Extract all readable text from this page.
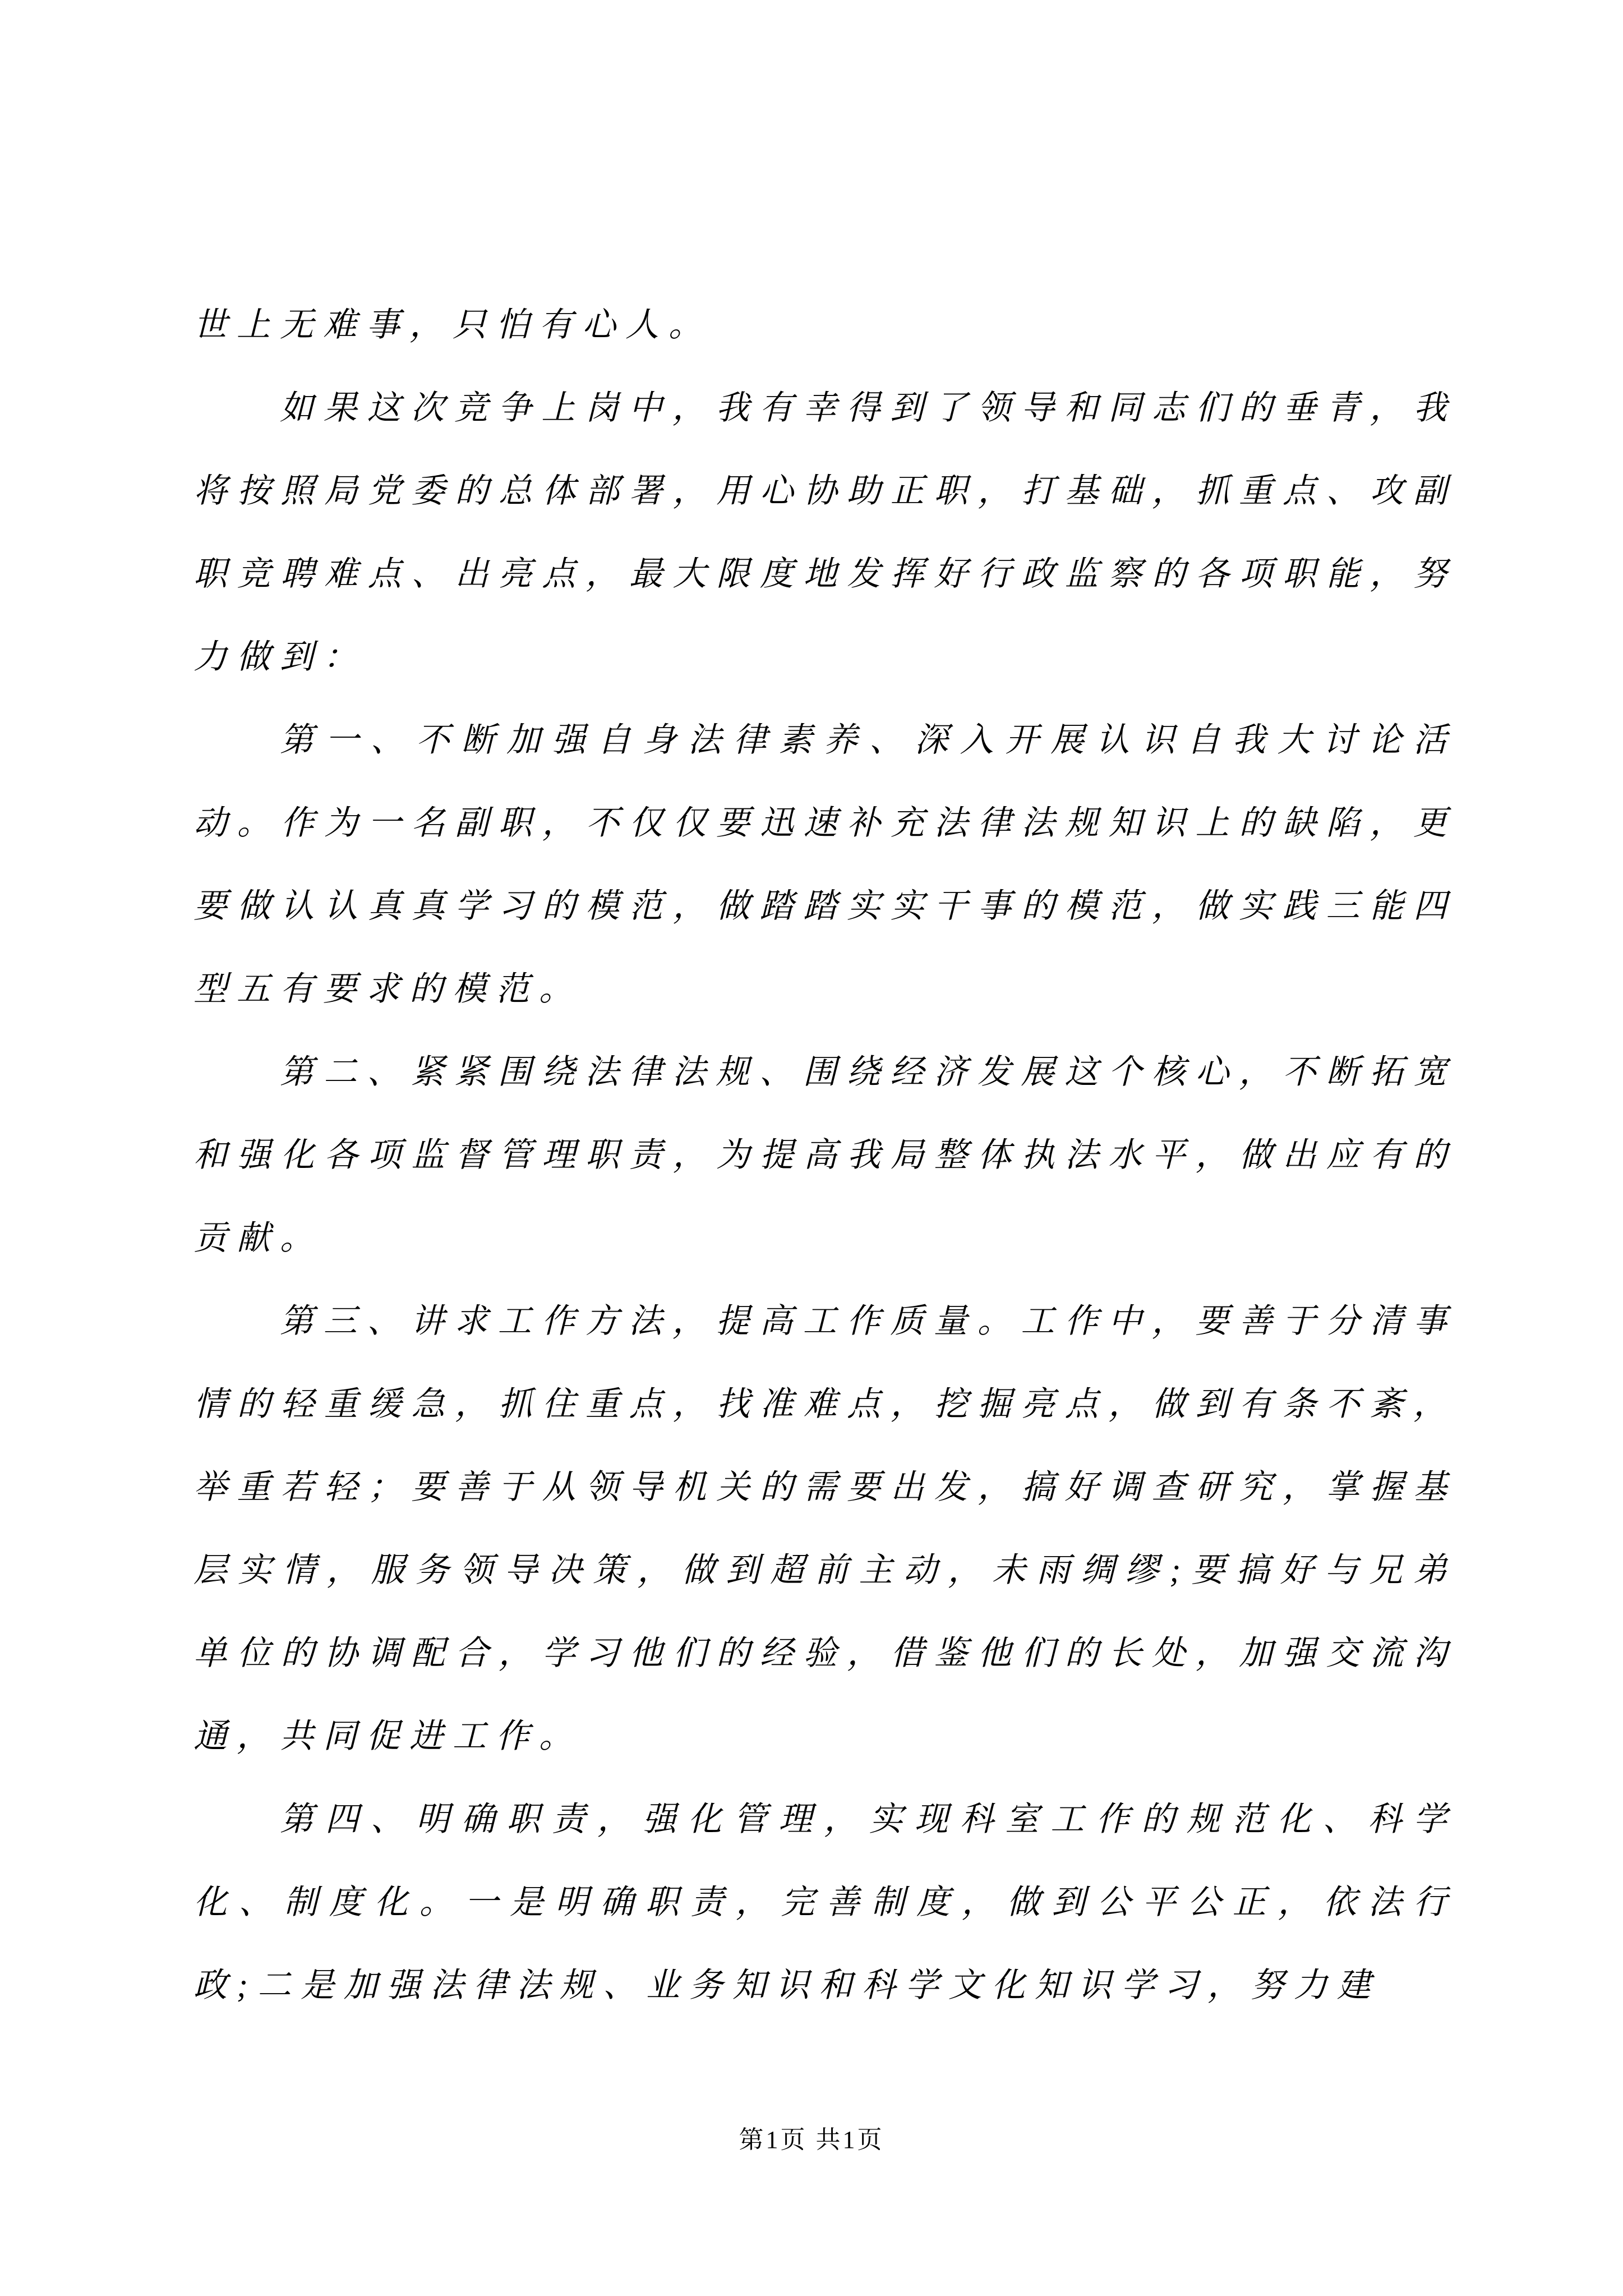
世上无难事，只怕有心人。

如果这次竞争上岗中，我有幸得到了领导和同志们的垂青，我将按照局党委的总体部署，用心协助正职，打基础，抓重点、攻副职竞聘难点、出亮点，最大限度地发挥好行政监察的各项职能，努力做到：

第一、不断加强自身法律素养、深入开展认识自我大讨论活动。作为一名副职，不仅仅要迅速补充法律法规知识上的缺陷，更要做认认真真学习的模范，做踏踏实实干事的模范，做实践三能四型五有要求的模范。

第二、紧紧围绕法律法规、围绕经济发展这个核心，不断拓宽和强化各项监督管理职责，为提高我局整体执法水平，做出应有的贡献。

第三、讲求工作方法，提高工作质量。工作中，要善于分清事情的轻重缓急，抓住重点，找准难点，挖掘亮点，做到有条不紊，举重若轻；要善于从领导机关的需要出发，搞好调查研究，掌握基层实情，服务领导决策，做到超前主动，未雨绸缪;要搞好与兄弟单位的协调配合，学习他们的经验，借鉴他们的长处，加强交流沟通，共同促进工作。

第四、明确职责，强化管理，实现科室工作的规范化、科学化、制度化。一是明确职责，完善制度，做到公平公正，依法行政;二是加强法律法规、业务知识和科学文化知识学习，努力建

第1页 共1页
